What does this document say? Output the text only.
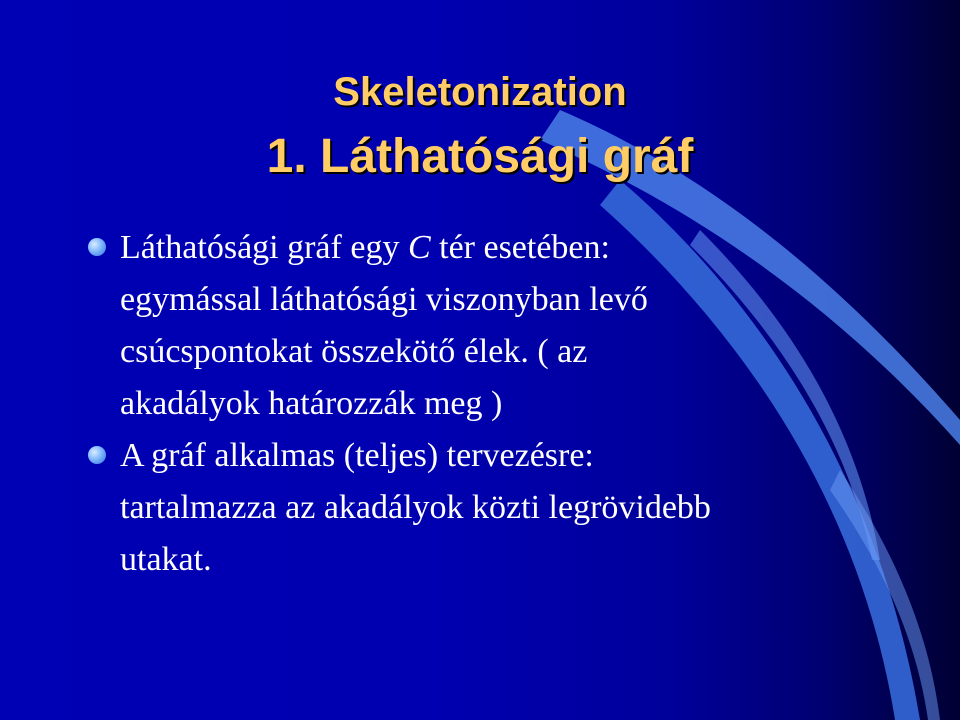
Skeletonization
1. Láthatósági gráf
Láthatósági gráf egy C tér esetében:
egymással láthatósági viszonyban levő
csúcspontokat összekötő élek. ( az
akadályok határozzák meg )
A gráf alkalmas (teljes) tervezésre:
tartalmazza az akadályok közti legrövidebb
utakat.
